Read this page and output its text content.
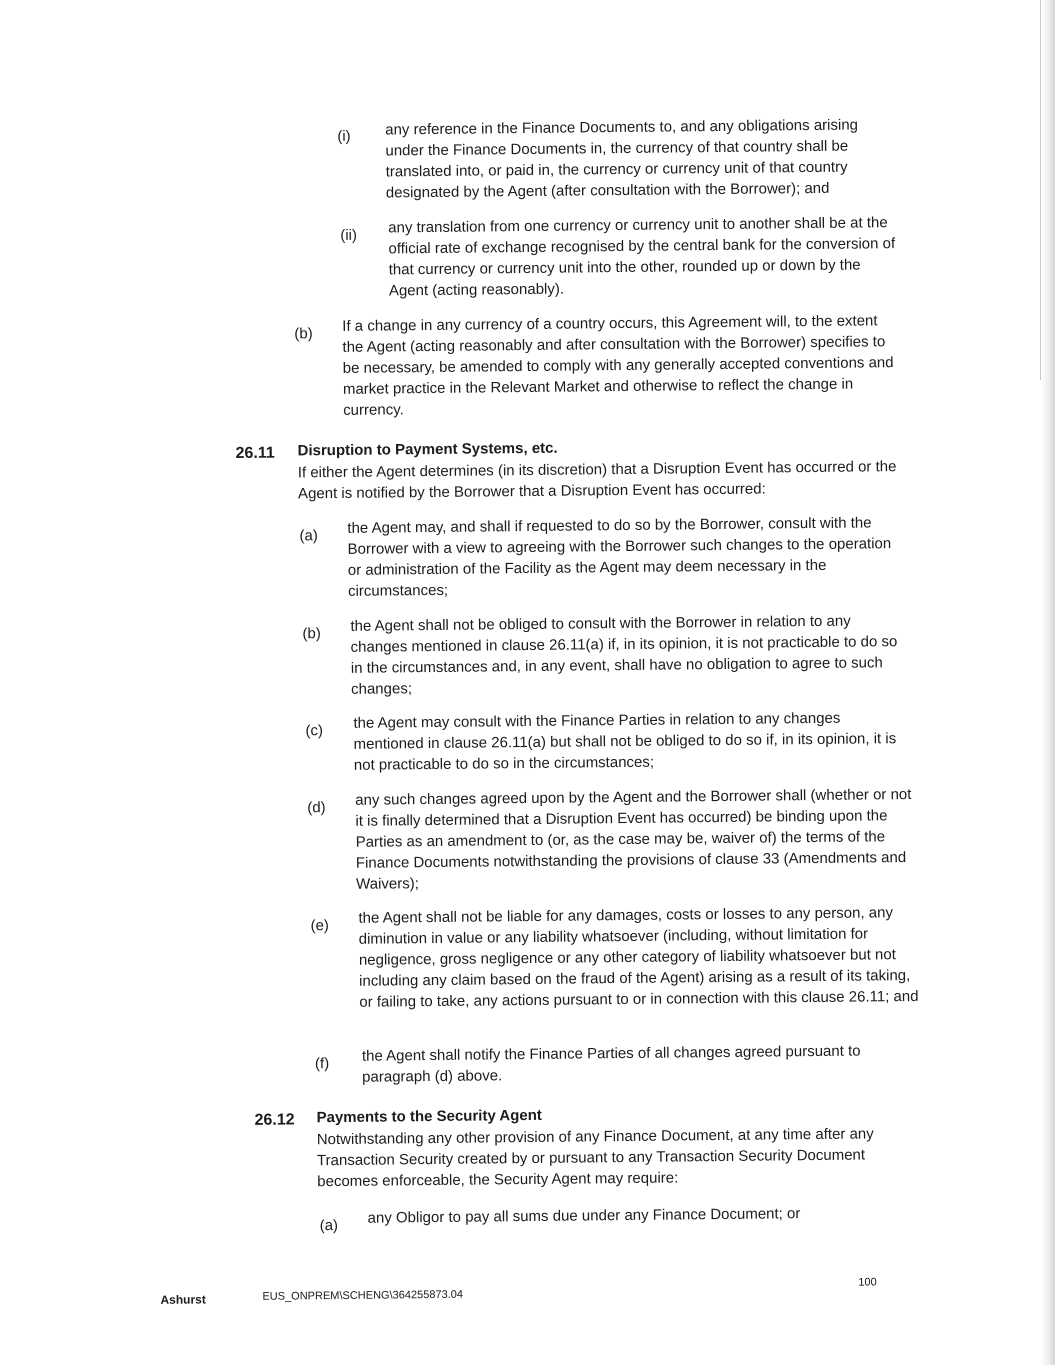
(i) any reference in the Finance Documents to, and any obligations arising under the Finance Documents in, the currency of that country shall be translated into, or paid in, the currency or currency unit of that country designated by the Agent (after consultation with the Borrower); and
(ii) any translation from one currency or currency unit to another shall be at the official rate of exchange recognised by the central bank for the conversion of that currency or currency unit into the other, rounded up or down by the Agent (acting reasonably).
(b) If a change in any currency of a country occurs, this Agreement will, to the extent the Agent (acting reasonably and after consultation with the Borrower) specifies to be necessary, be amended to comply with any generally accepted conventions and market practice in the Relevant Market and otherwise to reflect the change in currency.
26.11 Disruption to Payment Systems, etc.
If either the Agent determines (in its discretion) that a Disruption Event has occurred or the Agent is notified by the Borrower that a Disruption Event has occurred:
(a) the Agent may, and shall if requested to do so by the Borrower, consult with the Borrower with a view to agreeing with the Borrower such changes to the operation or administration of the Facility as the Agent may deem necessary in the circumstances;
(b) the Agent shall not be obliged to consult with the Borrower in relation to any changes mentioned in clause 26.11(a) if, in its opinion, it is not practicable to do so in the circumstances and, in any event, shall have no obligation to agree to such changes;
(c) the Agent may consult with the Finance Parties in relation to any changes mentioned in clause 26.11(a) but shall not be obliged to do so if, in its opinion, it is not practicable to do so in the circumstances;
(d) any such changes agreed upon by the Agent and the Borrower shall (whether or not it is finally determined that a Disruption Event has occurred) be binding upon the Parties as an amendment to (or, as the case may be, waiver of) the terms of the Finance Documents notwithstanding the provisions of clause 33 (Amendments and Waivers);
(e) the Agent shall not be liable for any damages, costs or losses to any person, any diminution in value or any liability whatsoever (including, without limitation for negligence, gross negligence or any other category of liability whatsoever but not including any claim based on the fraud of the Agent) arising as a result of its taking, or failing to take, any actions pursuant to or in connection with this clause 26.11; and
(f) the Agent shall notify the Finance Parties of all changes agreed pursuant to paragraph (d) above.
26.12 Payments to the Security Agent
Notwithstanding any other provision of any Finance Document, at any time after any Transaction Security created by or pursuant to any Transaction Security Document becomes enforceable, the Security Agent may require:
(a) any Obligor to pay all sums due under any Finance Document; or
Ashurst	EUS_ONPREM\SCHENG\364255873.04
100
